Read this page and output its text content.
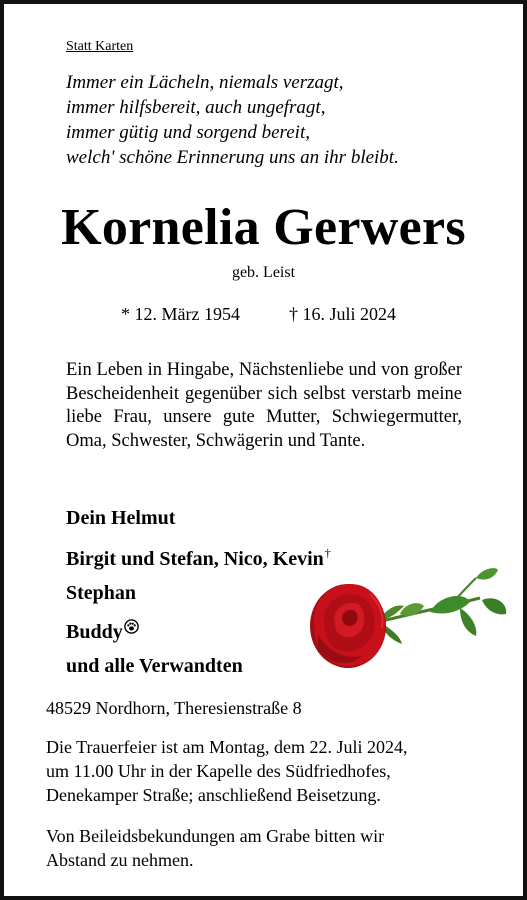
Statt Karten
Immer ein Lächeln, niemals verzagt,
immer hilfsbereit, auch ungefragt,
immer gütig und sorgend bereit,
welch' schöne Erinnerung uns an ihr bleibt.
Kornelia Gerwers
geb. Leist
* 12. März 1954	† 16. Juli 2024
Ein Leben in Hingabe, Nächstenliebe und von großer Bescheidenheit gegenüber sich selbst verstarb meine liebe Frau, unsere gute Mutter, Schwiegermutter, Oma, Schwester, Schwägerin und Tante.
Dein Helmut
Birgit und Stefan, Nico, Kevin†
Stephan
Buddy
und alle Verwandten
48529 Nordhorn, Theresienstraße 8
Die Trauerfeier ist am Montag, dem 22. Juli 2024,
um 11.00 Uhr in der Kapelle des Südfriedhofes,
Denekamper Straße; anschließend Beisetzung.
Von Beileidsbekundungen am Grabe bitten wir
Abstand zu nehmen.
